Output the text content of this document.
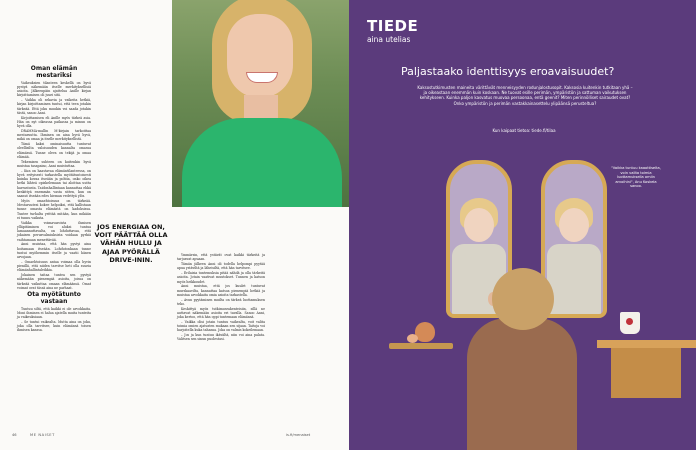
Oman elämän mestariksi

Vaikeuksien tilanteen keskellä on hyvä pystyä näkemään itselle merkityksellisiä asioita. Jälkeenpäin ajattelua Anille kirjan kirjoittamisen oli juuri sitä.

– Vaikka oli sekavia ja vaikeita hetkiä, kirjan kirjoittaminen tuntui, että teen jotakin tärkeää. Että joku muukin voi saada jotakin tästä, sanoo Anni.

Kirjoittamisen eli Anille myös tärkeä asia. Hän on nyt oikeassa paikassa ja minun on hyvä olla.

DRAMMA-mallin M-kirjain tarkoittaa mestaruutta. Ihminen on aina hyvä hyvä, mikä on omaa ja itselle merkityksellistä.

Tämä kaksi ominaisuutta tuntuvat oleellisilta valoisuuden kannalta omassa elämässä. Tunne oleva on tekijä ja omaa elämää.

Tekemisen suhteen on kuitenkin hyvä muistaa tasapaino, Anni muistuttaa.

– Kun on haastavaa elämäntilanteessa, on hyvä erityisesti tarkastella myötätuntoisesti kuinka kovaa itseään ja pohtia, onko oikea hetki lähteä opiskelemaan tai aloittaa uutta harrastusta. Taidonhallintaan kannattaa ehkä keskittyä enemmän vasta sitten, kun on saanut itseään edes hieman vedettyä ylös.

Myös omaehtoisuus on tärkeää. Mestaruutesi kokee helpoiksi, että kallistaan tunne omasta elämästä on kadoksissa. Tuntee turhalta yrittää mitään, kun mikään ei tunnu vaikuta.

Vaikka voimavaroista ihmisen ylläpitäminen voi aluksi tuntua lamaannuttavalta, on lohduttavaa, että jokaisen perusvalmiuksista voidaan pyrkiä vaihtamaan menettävää.

Anni muistaa, että hän pystyi aina hoitamaan itseään. Lohdutonkaan tunne tuntui myöhemmin itselle ja vaatii hänen arvojaan.

– Omaehtoisuus antaa voimaa olla hyvin pienillä, että niiden tarvitse heti olla suuria elämänhallintaleikkia.

Jokainen taitaa tuntea sen pystyä näkemään pienempiä asioita, joissa on tärkeää vaikuttaa omaan elämäänsä. Omat voimat ovat tässä aina ne parhaat.

Ota myötätunto vastaan

Tuntuu siltä, että kaikki ei ole arvokkaita. Moni ihminen ei halua ajatella muita tunteita ja vaikeuksiaan.

– Se tuntui vaikealta. Mutta aina on joku, joka olla tarvitsee, kuin elämänsä toisen ihmisen kanssa.

JOS ENERGIAA ON, VOIT PÄÄTTÄÄ OLLA VÄHÄN HULLU JA AJAA PYÖRÄLLÄ DRIVE-ININ.

Ymmärsin, että ystävät ovat kaikki tärkeitä ja tarjoavat apuaan.

Tämän jälkeen Anni oli todella helpompi pyytää apua ystäviltä ja läheisiltä, että hän tarvitsee.

– Erilaisia tuntemuksia pitää nähdä ja olla tärkeitä asioita. Jotain vaativat muutokset. Tunnen ja katson myös heikkoudet.

Anni muistaa, että jos kuulet tuntuvat murskaavilta, kannattaa katsoa pienempiä hetkiä ja muistaa arvokkaita omia asioita tarkastella.

– Avun pyytäminen muilta on tärkeä luottamuksen teko.

Keskittyä myös tutkimusrakenteisiin, sillä ne auttavat näkemään asioita eri tavalla. Sanoo Anni, joka kertoo, että hän oppi tuntemaan elämänsä.

– Vaikka olisi jotain tuntuu vaikealta, voit valita toimia omien ajatusten mukaan sen sijaan. Taitoja voi harjoitella kuka tahansa. Joka on valmis kokeilemaan.

– Jos ja kun tuntuu ikävältä, niin voi aina palata. Valitsen sen sinun puolestasi.

46	ME NAISET	is.fi/menaiset
TIEDE
aina utelias
Paljastaako identtisyys eroavaisuudet?
Kaksostutkimusten maineita värittävät menneisyyden rodunjalostusopit. Kaksosia kuitenkin tutkitaan yhä – ja oikeastaan enemmän kuin koskaan. Ne tuovat esille perimän, ympäristön ja sattuman vaikutuksen kehitykseen. Kuinka paljon kasvatus muovaa persoonaa, entä geenit? Miten perinnölliset sairaudet ovat? Onko ympäristön ja perimän vastakkainasettelu ylipäänsä perusteltua?
Kun kaipaat tietoa: tiede.fi/tilaa
"Vaikka tuntuu kaaottiselta, voin valita toimia luottamuksella omiin arvoihini", Anu Koskela sanoo.
